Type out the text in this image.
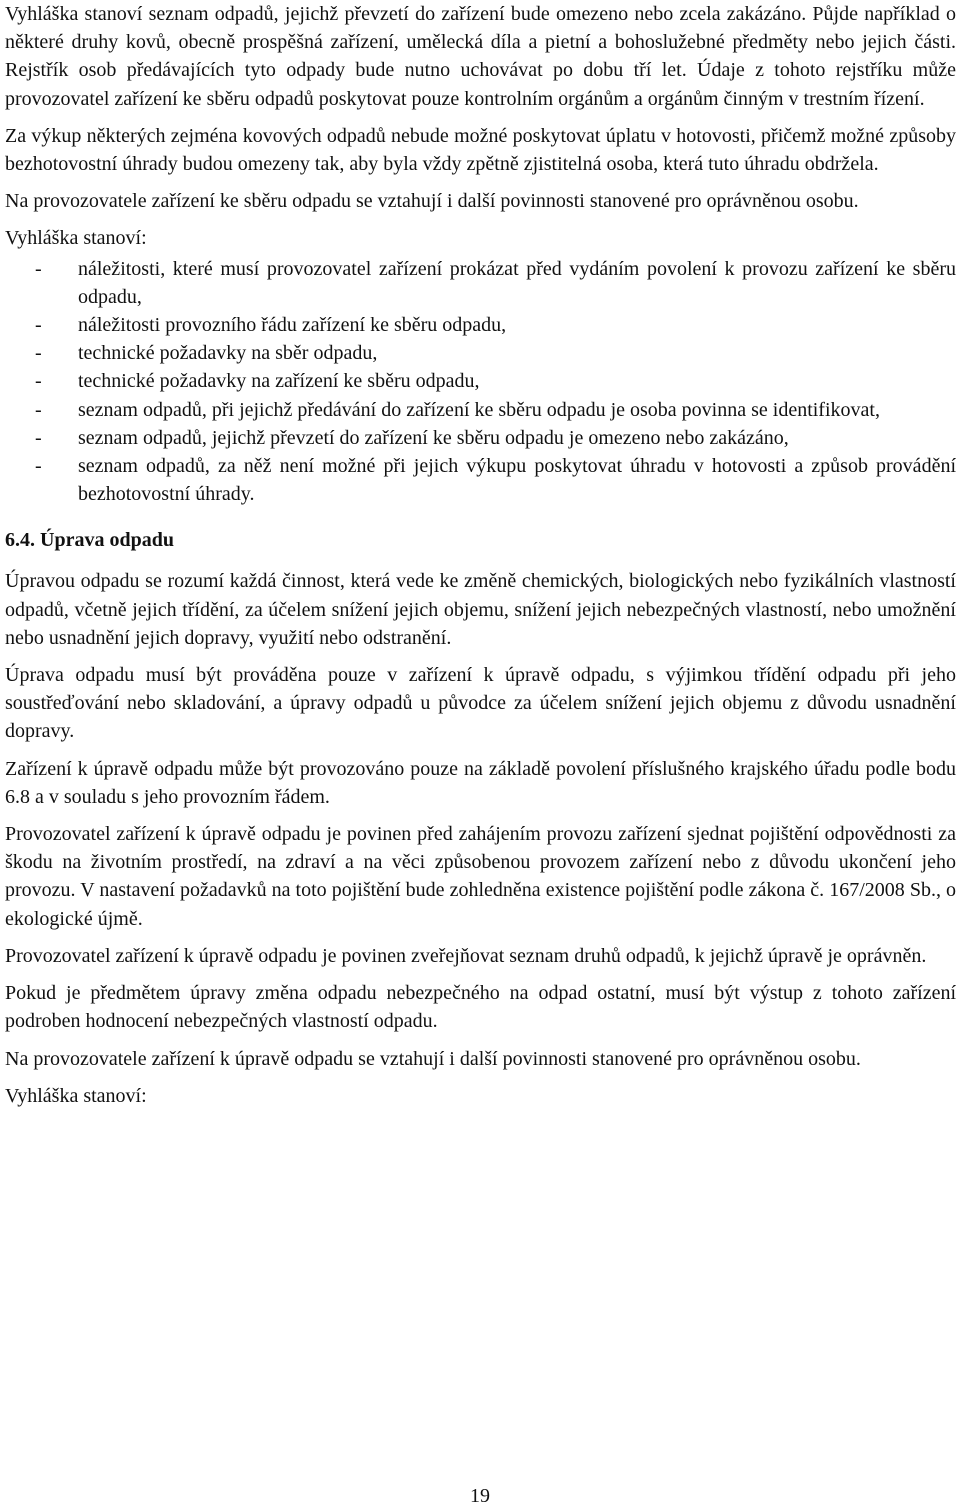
Vyhláška stanoví seznam odpadů, jejichž převzetí do zařízení bude omezeno nebo zcela zakázáno. Půjde například o některé druhy kovů, obecně prospěšná zařízení, umělecká díla a pietní a bohoslužebné předměty nebo jejich části. Rejstřík osob předávajících tyto odpady bude nutno uchovávat po dobu tří let. Údaje z tohoto rejstříku může provozovatel zařízení ke sběru odpadů poskytovat pouze kontrolním orgánům a orgánům činným v trestním řízení.

Za výkup některých zejména kovových odpadů nebude možné poskytovat úplatu v hotovosti, přičemž možné způsoby bezhotovostní úhrady budou omezeny tak, aby byla vždy zpětně zjistitelná osoba, která tuto úhradu obdržela.

Na provozovatele zařízení ke sběru odpadu se vztahují i další povinnosti stanovené pro oprávněnou osobu.

Vyhláška stanoví:

- náležitosti, které musí provozovatel zařízení prokázat před vydáním povolení k provozu zařízení ke sběru odpadu,
- náležitosti provozního řádu zařízení ke sběru odpadu,
- technické požadavky na sběr odpadu,
- technické požadavky na zařízení ke sběru odpadu,
- seznam odpadů, při jejichž předávání do zařízení ke sběru odpadu je osoba povinna se identifikovat,
- seznam odpadů, jejichž převzetí do zařízení ke sběru odpadu je omezeno nebo zakázáno,
- seznam odpadů, za něž není možné při jejich výkupu poskytovat úhradu v hotovosti a způsob provádění bezhotovostní úhrady.
6.4. Úprava odpadu

Úpravou odpadu se rozumí každá činnost, která vede ke změně chemických, biologických nebo fyzikálních vlastností odpadů, včetně jejich třídění, za účelem snížení jejich objemu, snížení jejich nebezpečných vlastností, nebo umožnění nebo usnadnění jejich dopravy, využití nebo odstranění.

Úprava odpadu musí být prováděna pouze v zařízení k úpravě odpadu, s výjimkou třídění odpadu při jeho soustřeďování nebo skladování, a úpravy odpadů u původce za účelem snížení jejich objemu z důvodu usnadnění dopravy.

Zařízení k úpravě odpadu může být provozováno pouze na základě povolení příslušného krajského úřadu podle bodu 6.8 a v souladu s jeho provozním řádem.

Provozovatel zařízení k úpravě odpadu je povinen před zahájením provozu zařízení sjednat pojištění odpovědnosti za škodu na životním prostředí, na zdraví a na věci způsobenou provozem zařízení nebo z důvodu ukončení jeho provozu. V nastavení požadavků na toto pojištění bude zohledněna existence pojištění podle zákona č. 167/2008 Sb., o ekologické újmě.

Provozovatel zařízení k úpravě odpadu je povinen zveřejňovat seznam druhů odpadů, k jejichž úpravě je oprávněn.

Pokud je předmětem úpravy změna odpadu nebezpečného na odpad ostatní, musí být výstup z tohoto zařízení podroben hodnocení nebezpečných vlastností odpadu.

Na provozovatele zařízení k úpravě odpadu se vztahují i další povinnosti stanovené pro oprávněnou osobu.

Vyhláška stanoví:

19
